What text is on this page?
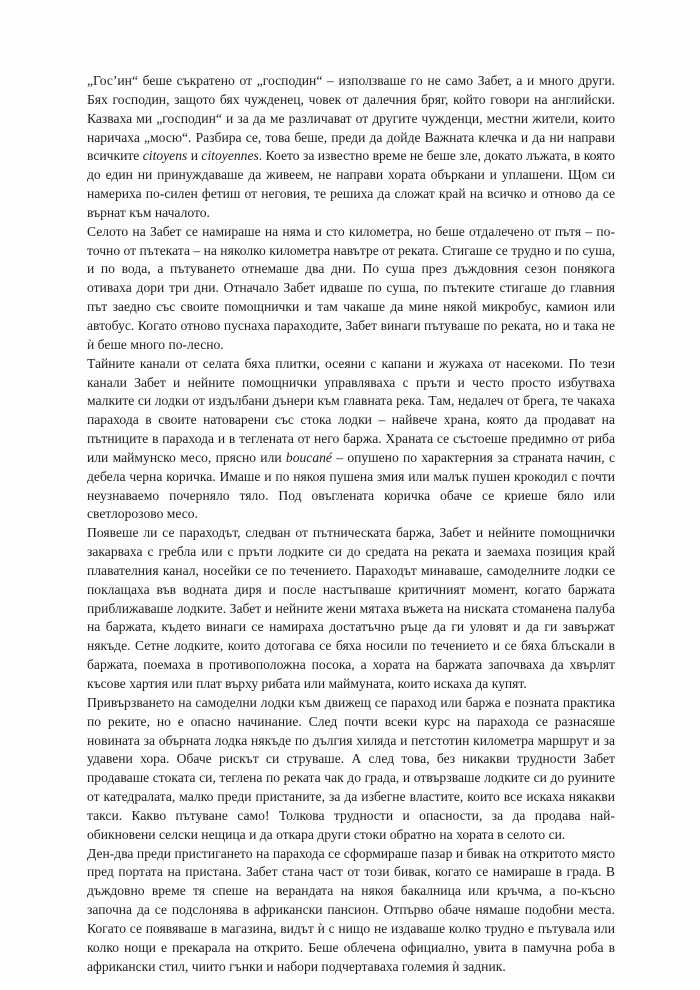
„Гос’ин“ беше съкратено от „господин“ – използваше го не само Забет, а и много други. Бях господин, защото бях чужденец, човек от далечния бряг, който говори на английски. Казваха ми „господин“ и за да ме различават от другите чужденци, местни жители, които наричаха „мосю“. Разбира се, това беше, преди да дойде Важната клечка и да ни направи всичките citoyens и citoyennes. Което за известно време не беше зле, докато лъжата, в която до един ни принуждаваше да живеем, не направи хората объркани и уплашени. Щом си намериха по-силен фетиш от неговия, те решиха да сложат край на всичко и отново да се върнат към началото.

Селото на Забет се намираше на няма и сто километра, но беше отдалечено от пътя – по-точно от пътеката – на няколко километра навътре от реката. Стигаше се трудно и по суша, и по вода, а пътуването отнемаше два дни. По суша през дъждовния сезон понякога отиваха дори три дни. Отначало Забет идваше по суша, по пътеките стигаше до главния път заедно със своите помощнички и там чакаше да мине някой микробус, камион или автобус. Когато отново пуснаха параходите, Забет винаги пътуваше по реката, но и така не ѝ беше много по-лесно.

Тайните канали от селата бяха плитки, осеяни с капани и жужаха от насекоми. По тези канали Забет и нейните помощнички управляваха с пръти и често просто избутваха малките си лодки от издълбани дънери към главната река. Там, недалеч от брега, те чакаха парахода в своите натоварени със стока лодки – найвече храна, която да продават на пътниците в парахода и в теглената от него баржа. Храната се състоеше предимно от риба или маймунско месо, прясно или boucané – опушено по характерния за страната начин, с дебела черна коричка. Имаше и по някоя пушена змия или малък пушен крокодил с почти неузнаваемо почерняло тяло. Под овъглената коричка обаче се криеше бяло или светлорозово месо.

Появеше ли се параходът, следван от пътническата баржа, Забет и нейните помощнички закарваха с гребла или с пръти лодките си до средата на реката и заемаха позиция край плавателния канал, носейки се по течението. Параходът минаваше, самоделните лодки се поклащаха във водната диря и после настъпваше критичният момент, когато баржата приближаваше лодките. Забет и нейните жени мятаха въжета на ниската стоманена палуба на баржата, където винаги се намираха достатъчно ръце да ги уловят и да ги завържат някъде. Сетне лодките, които дотогава се бяха носили по течението и се бяха блъскали в баржата, поемаха в противоположна посока, а хората на баржата започваха да хвърлят късове хартия или плат върху рибата или маймуната, които искаха да купят.

Привързването на самоделни лодки към движещ се параход или баржа е позната практика по реките, но е опасно начинание. След почти всеки курс на парахода се разнасяше новината за обърната лодка някъде по дългия хиляда и петстотин километра маршрут и за удавени хора. Обаче рискът си струваше. А след това, без никакви трудности Забет продаваше стоката си, теглена по реката чак до града, и отвързваше лодките си до руините от катедралата, малко преди пристаните, за да избегне властите, които все искаха някакви такси. Какво пътуване само! Толкова трудности и опасности, за да продава най-обикновени селски нещица и да откара други стоки обратно на хората в селото си.

Ден-два преди пристигането на парахода се сформираше пазар и бивак на откритото място пред портата на пристана. Забет стана част от този бивак, когато се намираше в града. В дъждовно време тя спеше на верандата на някоя бакалница или кръчма, а по-късно започна да се подслонява в африкански пансион. Отпърво обаче нямаше подобни места. Когато се появяваше в магазина, видът ѝ с нищо не издаваше колко трудно е пътувала или колко нощи е прекарала на открито. Беше облечена официално, увита в памучна роба в африкански стил, чиито гънки и набори подчертаваха големия ѝ задник.
